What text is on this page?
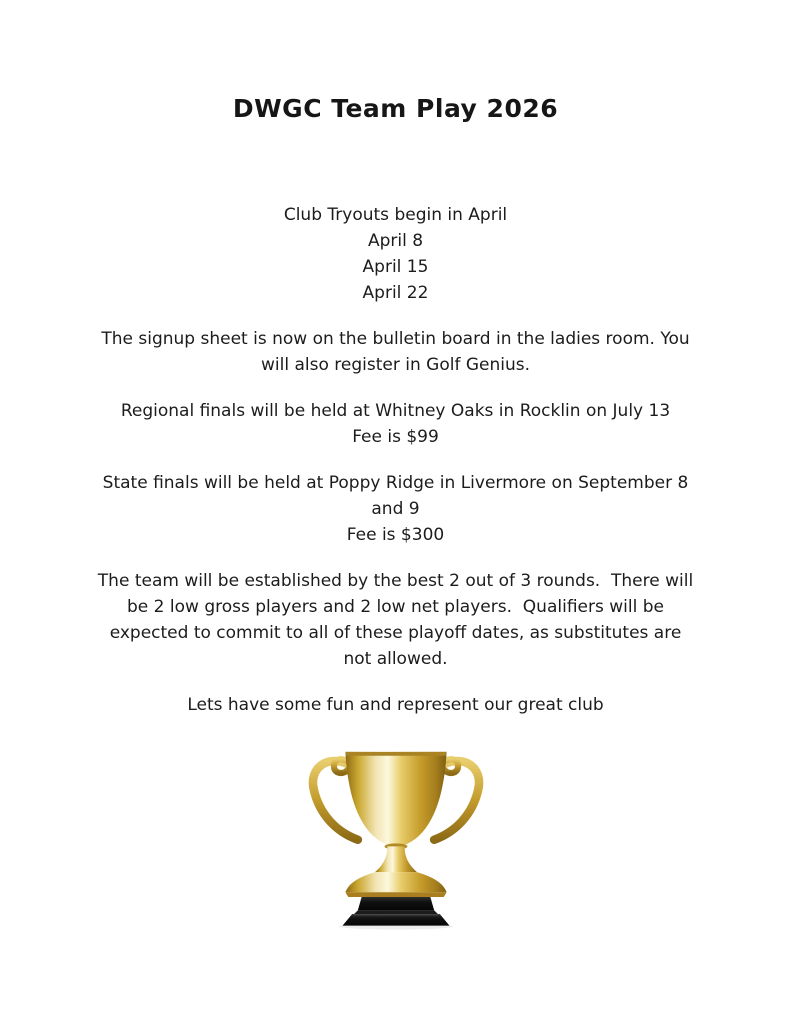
DWGC Team Play 2026
Club Tryouts begin in April
April 8
April 15
April 22
The signup sheet is now on the bulletin board in the ladies room. You
will also register in Golf Genius.
Regional finals will be held at Whitney Oaks in Rocklin on July 13
Fee is $99
State finals will be held at Poppy Ridge in Livermore on September 8
and 9
Fee is $300
The team will be established by the best 2 out of 3 rounds.  There will
be 2 low gross players and 2 low net players.  Qualifiers will be
expected to commit to all of these playoff dates, as substitutes are
not allowed.
Lets have some fun and represent our great club
